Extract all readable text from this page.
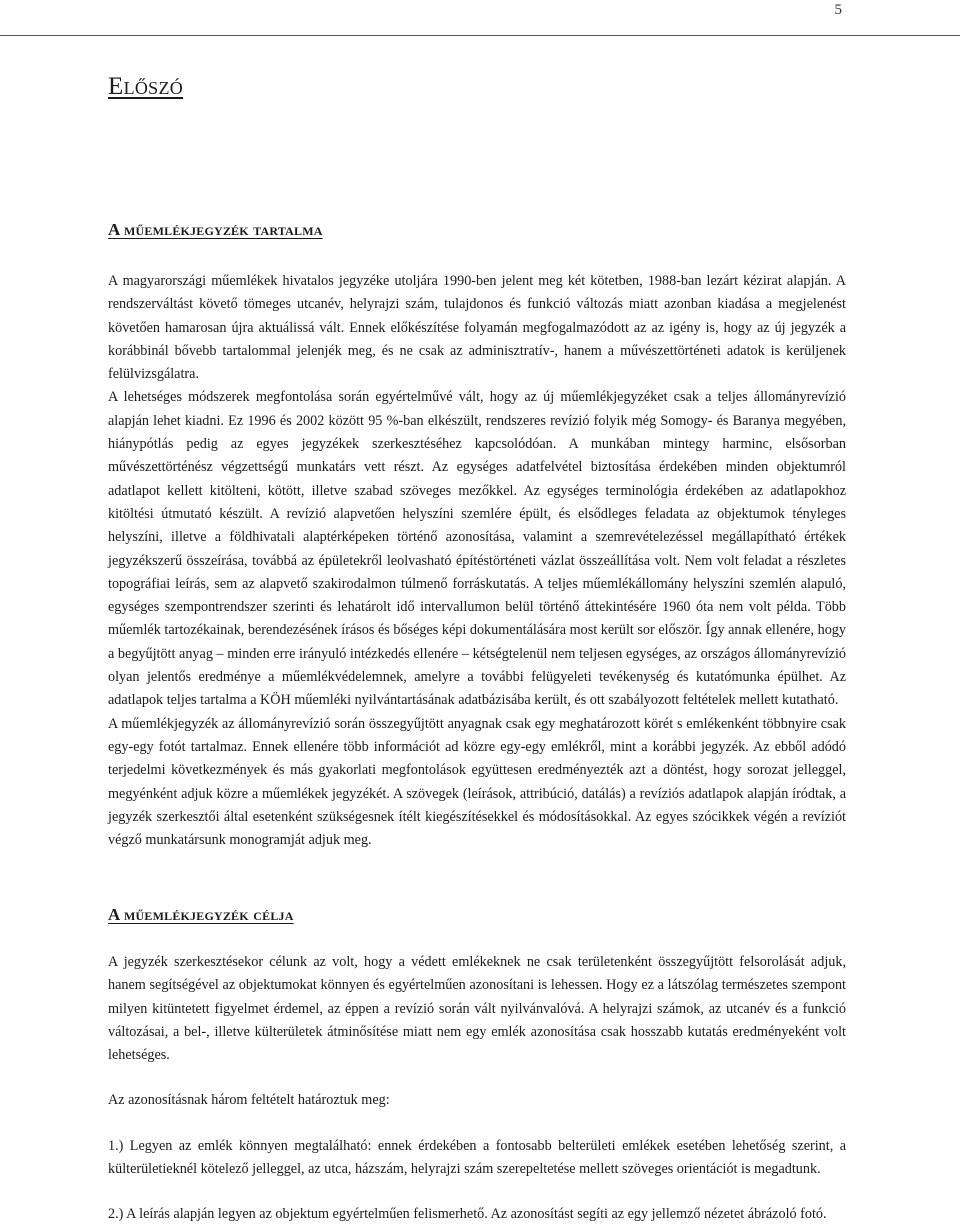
5
Előszó
A műemlékjegyzék tartalma

A magyarországi műemlékek hivatalos jegyzéke utoljára 1990-ben jelent meg két kötetben, 1988-ban lezárt kézirat alapján. A rendszerváltást követő tömeges utcanév, helyrajzi szám, tulajdonos és funkció változás miatt azonban kiadása a megjelenést követően hamarosan újra aktuálissá vált. Ennek előkészítése folyamán megfogalmazódott az az igény is, hogy az új jegyzék a korábbinál bővebb tartalommal jelenjék meg, és ne csak az adminisztratív-, hanem a művészettörténeti adatok is kerüljenek felülvizsgálatra.

A lehetséges módszerek megfontolása során egyértelművé vált, hogy az új műemlékjegyzéket csak a teljes állományrevízió alapján lehet kiadni. Ez 1996 és 2002 között 95 %-ban elkészült, rendszeres revízió folyik még Somogy- és Baranya megyében, hiánypótlás pedig az egyes jegyzékek szerkesztéséhez kapcsolódóan. A munkában mintegy harminc, elsősorban művészettörténész végzettségű munkatárs vett részt. Az egységes adatfelvétel biztosítása érdekében minden objektumról adatlapot kellett kitölteni, kötött, illetve szabad szöveges mezőkkel. Az egységes terminológia érdekében az adatlapokhoz kitöltési útmutató készült. A revízió alapvetően helyszíni szemlére épült, és elsődleges feladata az objektumok tényleges helyszíni, illetve a földhivatali alaptérképeken történő azonosítása, valamint a szemrevételezéssel megállapítható értékek jegyzékszerű összeírása, továbbá az épületekről leolvasható építéstörténeti vázlat összeállítása volt. Nem volt feladat a részletes topográfiai leírás, sem az alapvető szakirodalmon túlmenő forráskutatás. A teljes műemlékállomány helyszíni szemlén alapuló, egységes szempontrendszer szerinti és lehatárolt idő intervallumon belül történő áttekintésére 1960 óta nem volt példa. Több műemlék tartozékainak, berendezésének írásos és bőséges képi dokumentálására most került sor először. Így annak ellenére, hogy a begyűjtött anyag – minden erre irányuló intézkedés ellenére – kétségtelenül nem teljesen egységes, az országos állományrevízió olyan jelentős eredménye a műemlékvédelemnek, amelyre a további felügyeleti tevékenység és kutatómunka épülhet. Az adatlapok teljes tartalma a KÖH műemléki nyilvántartásának adatbázisába került, és ott szabályozott feltételek mellett kutatható.

A műemlékjegyzék az állományrevízió során összegyűjtött anyagnak csak egy meghatározott körét s emlékenként többnyire csak egy-egy fotót tartalmaz. Ennek ellenére több információt ad közre egy-egy emlékről, mint a korábbi jegyzék. Az ebből adódó terjedelmi következmények és más gyakorlati megfontolások együttesen eredményezték azt a döntést, hogy sorozat jelleggel, megyénként adjuk közre a műemlékek jegyzékét. A szövegek (leírások, attribúció, datálás) a revíziós adatlapok alapján íródtak, a jegyzék szerkesztői által esetenként szükségesnek ítélt kiegészítésekkel és módosításokkal. Az egyes szócikkek végén a revíziót végző munkatársunk monogramját adjuk meg.

A műemlékjegyzék célja

A jegyzék szerkesztésekor célunk az volt, hogy a védett emlékeknek ne csak területenként összegyűjtött felsorolását adjuk, hanem segítségével az objektumokat könnyen és egyértelműen azonosítani is lehessen. Hogy ez a látszólag természetes szempont milyen kitüntetett figyelmet érdemel, az éppen a revízió során vált nyilvánvalóvá. A helyrajzi számok, az utcanév és a funkció változásai, a bel-, illetve külterületek átminősítése miatt nem egy emlék azonosítása csak hosszabb kutatás eredményeként volt lehetséges.

Az azonosításnak három feltételt határoztuk meg:

1.) Legyen az emlék könnyen megtalálható: ennek érdekében a fontosabb belterületi emlékek esetében lehetőség szerint, a külterületieknél kötelező jelleggel, az utca, házszám, helyrajzi szám szerepeltetése mellett szöveges orientációt is megadtunk.

2.) A leírás alapján legyen az objektum egyértelműen felismerhető. Az azonosítást segíti az egy jellemző nézetet ábrázoló fotó.
